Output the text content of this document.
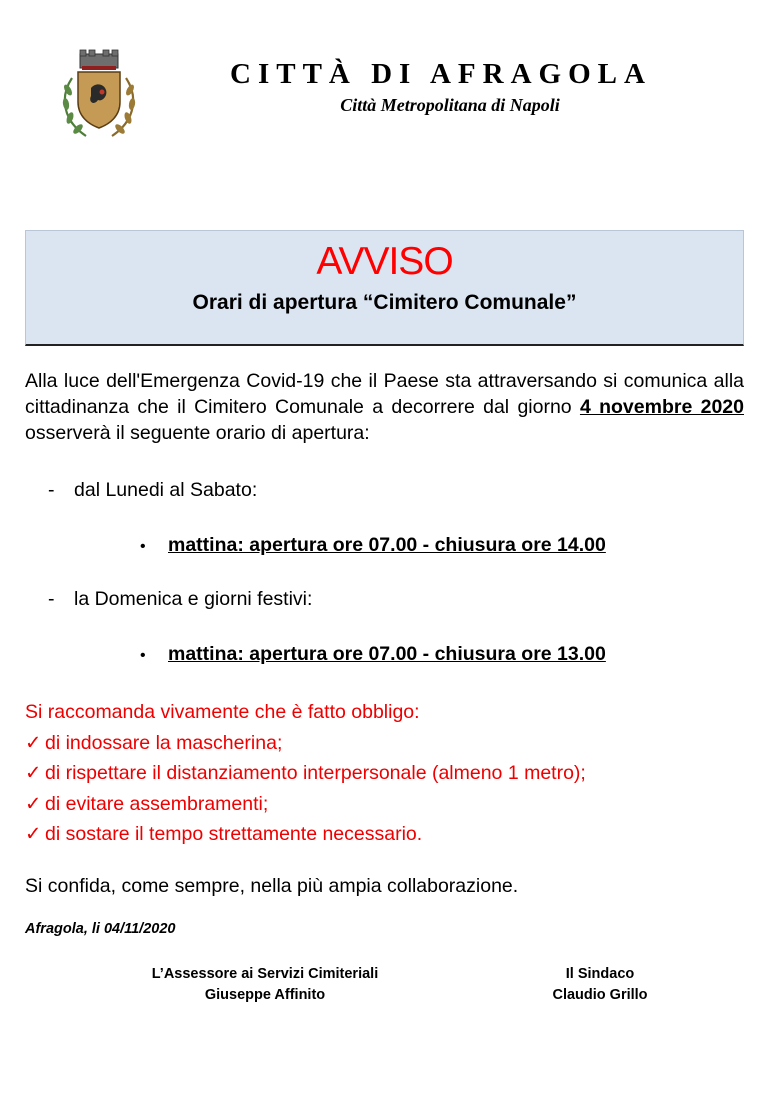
CITTÀ DI AFRAGOLA
Città Metropolitana di Napoli
AVVISO
Orari di apertura “Cimitero Comunale”
Alla luce dell'Emergenza Covid-19 che il Paese sta attraversando si comunica alla cittadinanza che il Cimitero Comunale a decorrere dal giorno 4 novembre 2020 osserverà il seguente orario di apertura:
- dal Lunedi al Sabato:
• mattina: apertura ore 07.00 - chiusura ore 14.00
- la Domenica e giorni festivi:
• mattina: apertura ore 07.00 - chiusura ore 13.00
Si raccomanda vivamente che è fatto obbligo:
✓ di indossare la mascherina;
✓ di rispettare il distanziamento interpersonale (almeno 1 metro);
✓ di evitare assembramenti;
✓ di sostare il tempo strettamente necessario.
Si confida, come sempre, nella più ampia collaborazione.
Afragola, li 04/11/2020
L’Assessore ai Servizi Cimiteriali
Giuseppe Affinito
Il Sindaco
Claudio Grillo
